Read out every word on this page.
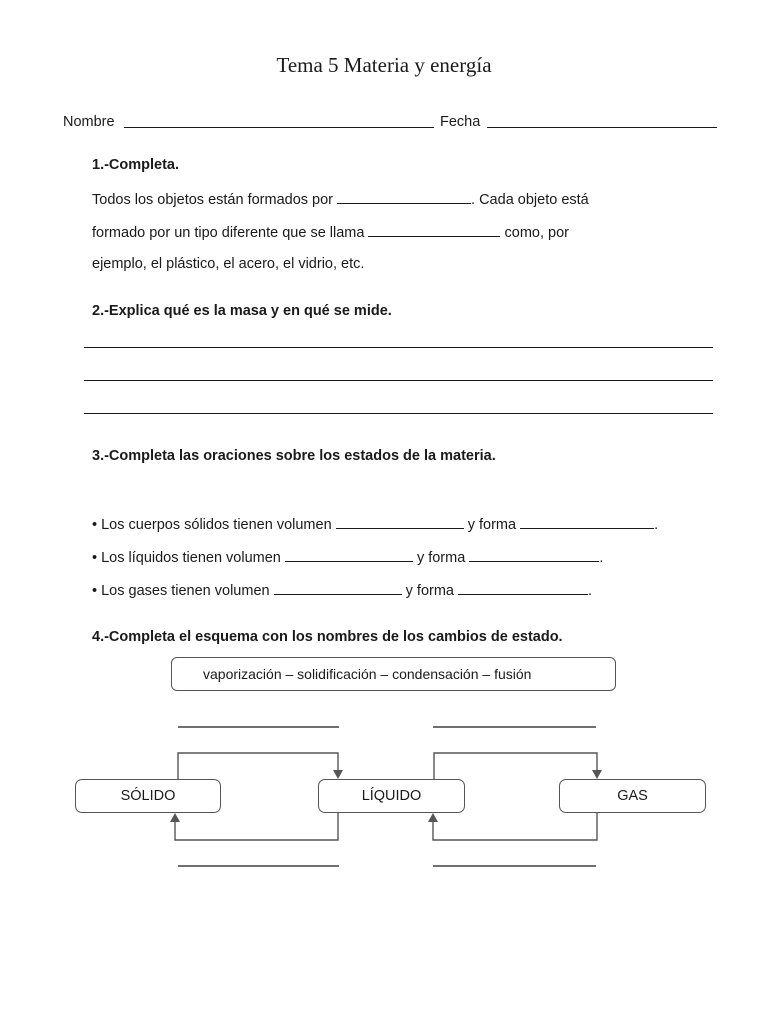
Tema 5 Materia y energía
Nombre	Fecha
1.-Completa.
Todos los objetos están formados por	. Cada objeto está
formado por un tipo diferente que se llama	como, por
ejemplo, el plástico, el acero, el vidrio, etc.
2.-Explica qué es la masa y en qué se mide.
3.-Completa las oraciones sobre los estados de la materia.
• Los cuerpos sólidos tienen volumen	y forma	.
• Los líquidos tienen volumen	y forma	.
• Los gases tienen volumen	y forma	.
4.-Completa el esquema con los nombres de los cambios de estado.
vaporización – solidificación – condensación – fusión
SÓLIDO	LÍQUIDO	GAS
